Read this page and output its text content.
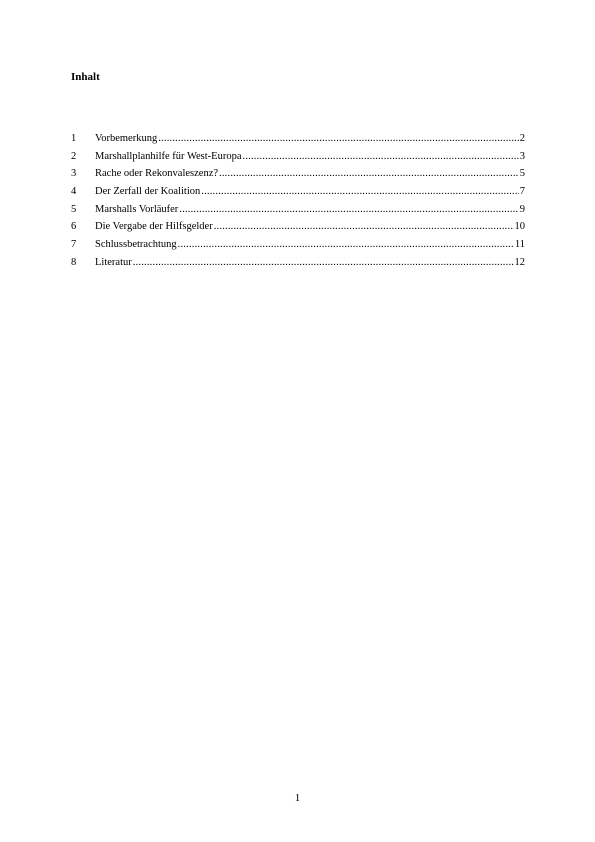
Inhalt
1	Vorbemerkung .....	2
2	Marshallplanhilfe für West-Europa .....	3
3	Rache oder Rekonvaleszenz? .....	5
4	Der Zerfall der Koalition .....	7
5	Marshalls Vorläufer .....	9
6	Die Vergabe der Hilfsgelder .....	10
7	Schlussbetrachtung .....	11
8	Literatur .....	12
1
